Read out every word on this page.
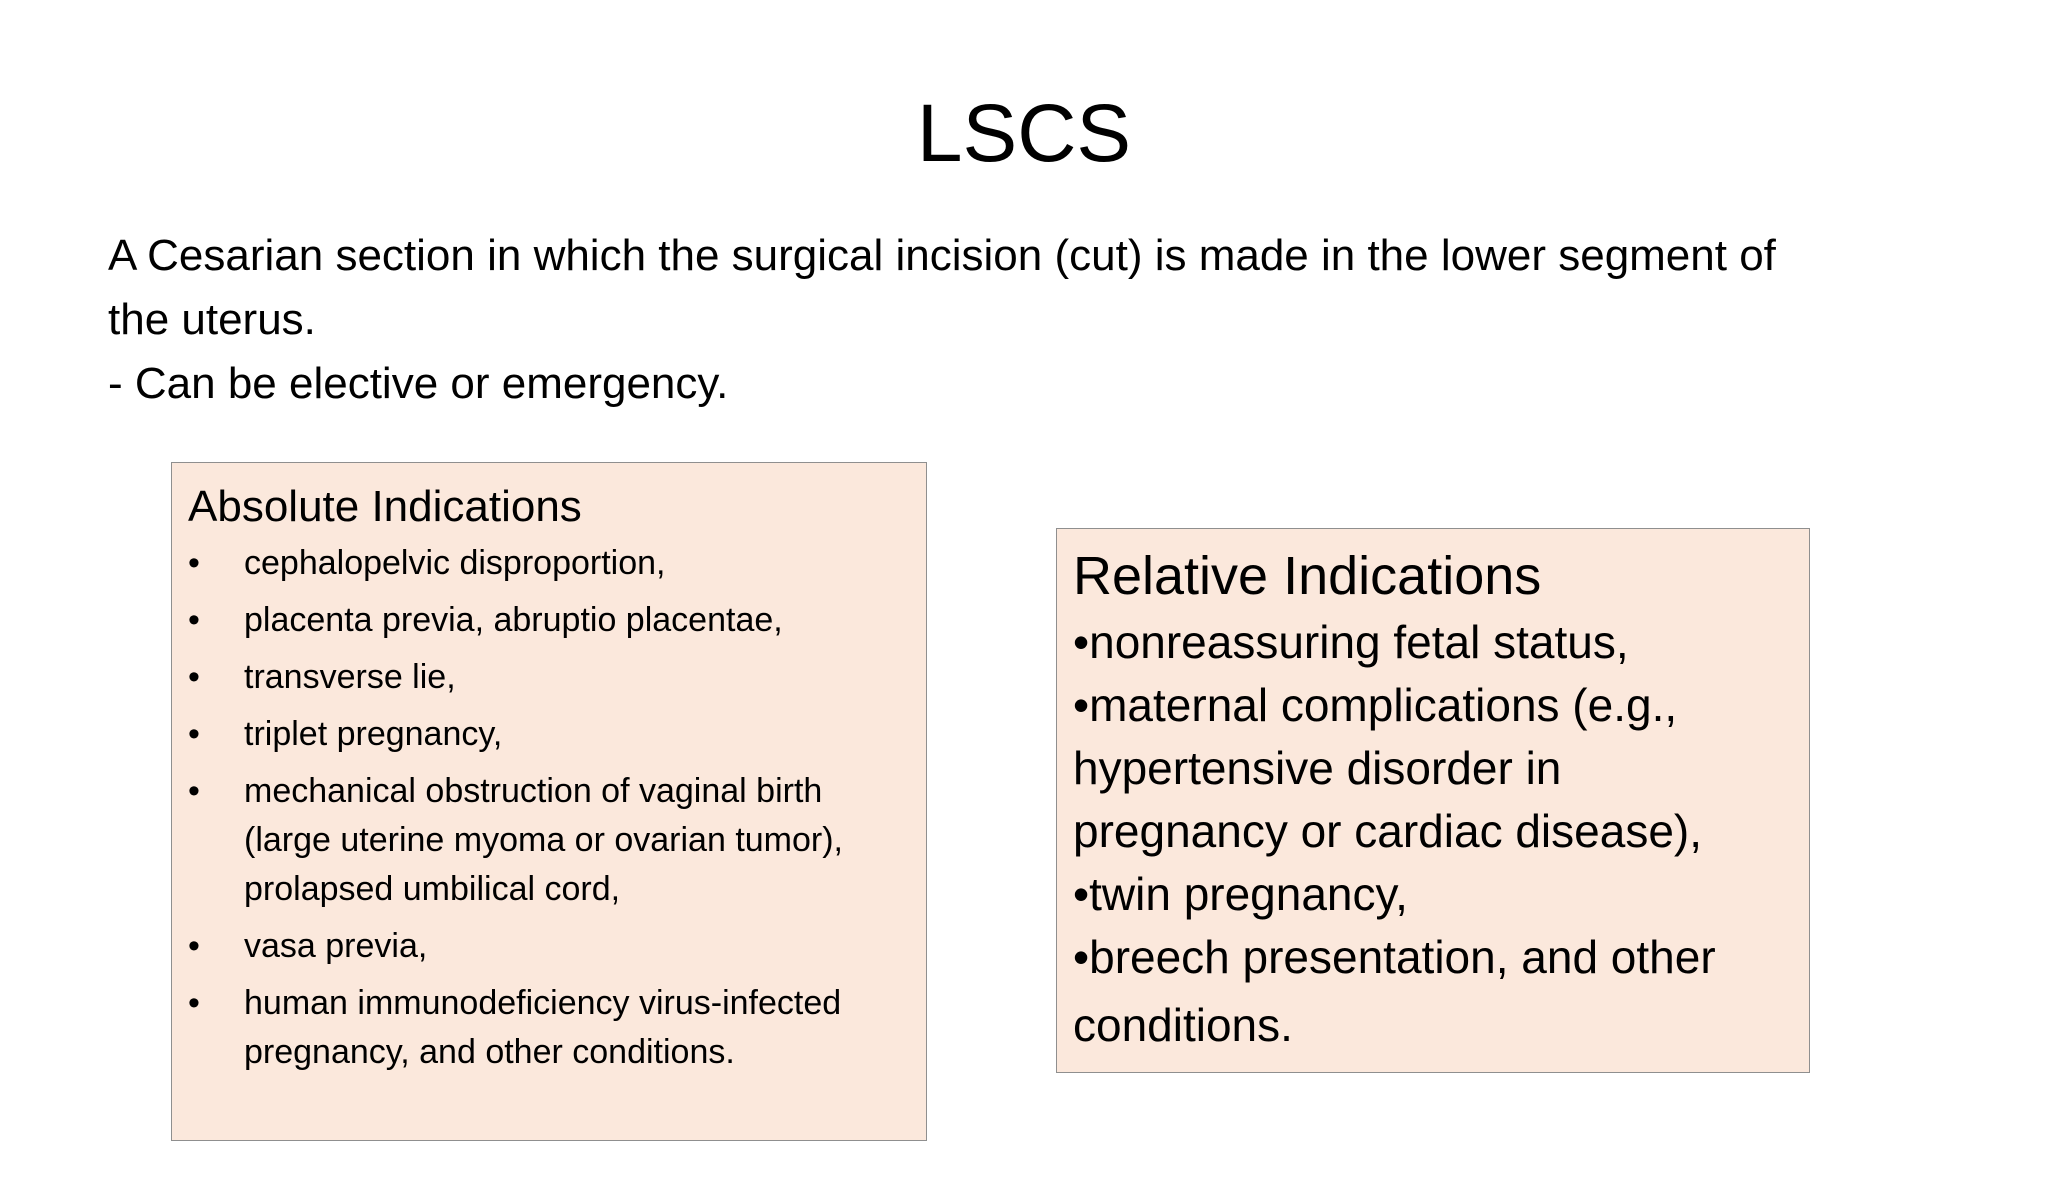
LSCS

A Cesarian section in which the surgical incision (cut) is made in the lower segment of

the uterus.

- Can be elective or emergency.

Absolute Indications
•	cephalopelvic disproportion,
•	placenta previa, abruptio placentae,
•	transverse lie,
•	triplet pregnancy,
•	mechanical obstruction of vaginal birth (large uterine myoma or ovarian tumor), prolapsed umbilical cord,
•	vasa previa,
•	human immunodeficiency virus-infected pregnancy, and other conditions.
Relative Indications
•nonreassuring fetal status,
•maternal complications (e.g.,
hypertensive disorder in
pregnancy or cardiac disease),
•twin pregnancy,
•breech presentation, and other
conditions.
